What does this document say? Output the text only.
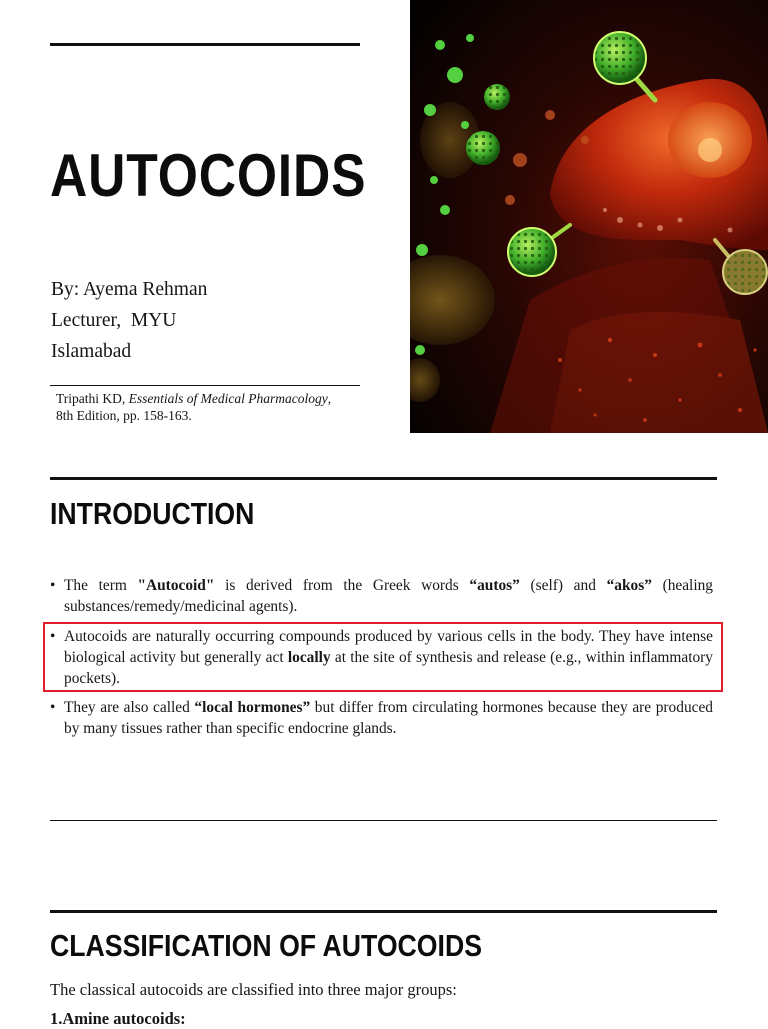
AUTOCOIDS
By: Ayema Rehman
Lecturer,  MYU
Islamabad
Tripathi KD, Essentials of Medical Pharmacology,
8th Edition, pp. 158-163.
INTRODUCTION
• The term "Autocoid" is derived from the Greek words “autos” (self) and “akos” (healing substances/remedy/medicinal agents).
• Autocoids are naturally occurring compounds produced by various cells in the body. They have intense biological activity but generally act locally at the site of synthesis and release (e.g., within inflammatory pockets).
• They are also called “local hormones” but differ from circulating hormones because they are produced by many tissues rather than specific endocrine glands.
CLASSIFICATION OF AUTOCOIDS
The classical autocoids are classified into three major groups:
1.Amine autocoids:
